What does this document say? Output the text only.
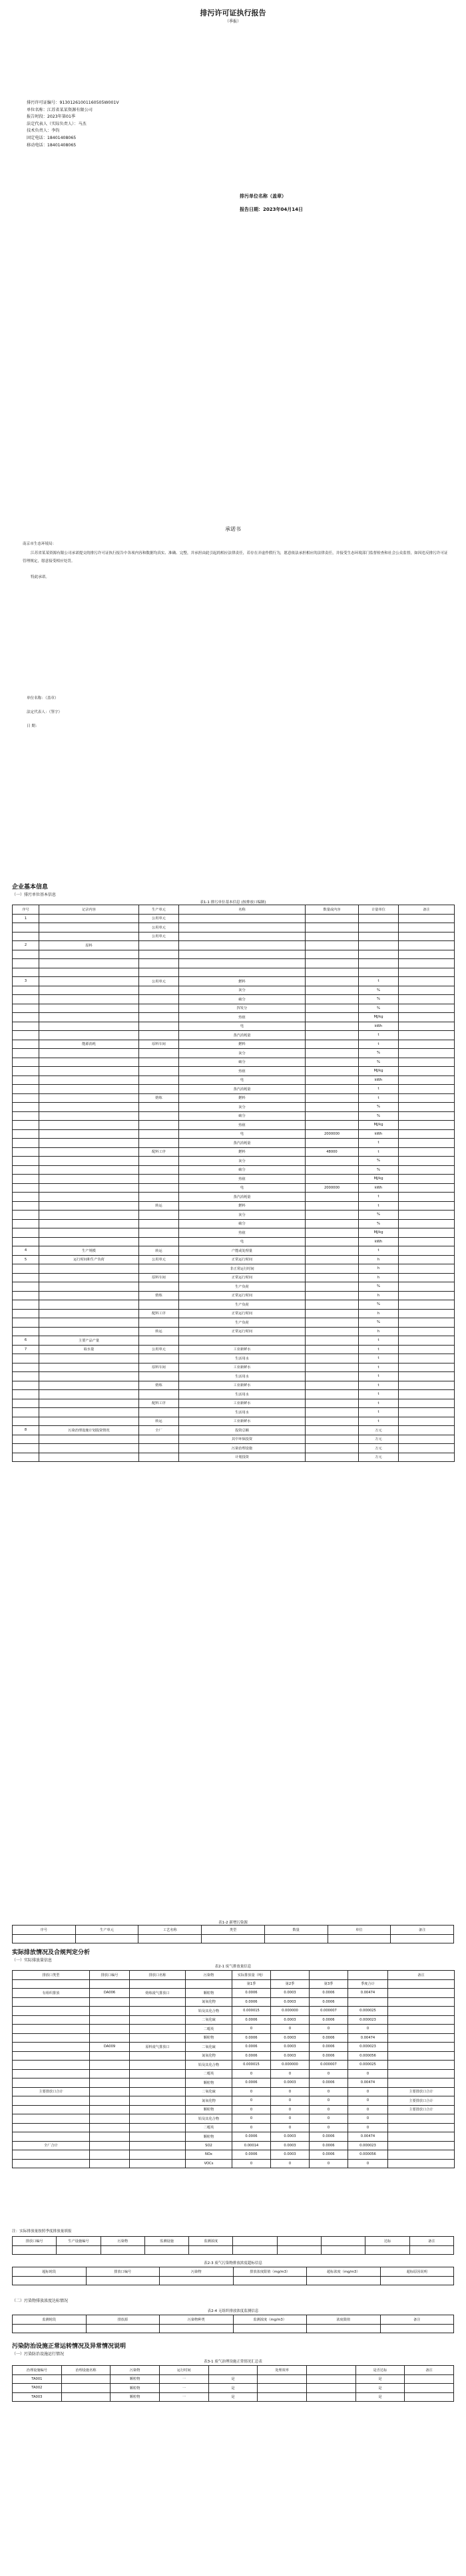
排污许可证执行报告
（季报）
排污许可证编号：91301261001160505W001V
单位名称：江苏省某某资源有限公司
报告时段：2023年第01季
法定代表人（实际负责人）：马杰
技术负责人：李钧
固定电话：18401408065
移动电话：18401408065
排污单位名称（盖章）
报告日期：2023年04月14日
承诺书
南京市生态环境局：
江苏省某某资源有限公司承诺提交的排污许可证执行报告中各项内容和数据均真实、准确、完整，并承担由此引起的相应法律责任，若存在弄虚作假行为，愿意依法承担相应的法律责任，并接受生态环境部门监督检查和社会公众监督，如因违反排污许可证管理规定，愿意接受相应处罚。
特此承诺。
单位名称：（盖章）
法定代表人：（签字）
日 期：
企业基本信息
（一）排污单位基本信息
表1-1 排污单位基本信息 (按排放口编制)
序号	记录内容	生产单元	名称	数量或内容	计量单位	备注
1		公用单元				
		公用单元				
		公用单元				
2	原料					

3		公用单元	燃料		t	
			灰分		%	
			硫分		%	
			挥发分		%	
			热值		MJ/kg	
			电		kWh	
			蒸汽消耗量		t	
	能源消耗	原料车间	燃料		t	
			灰分		%	
			硫分		%	
			热值		MJ/kg	
			电		kWh	
			蒸汽消耗量		t	
		熔炼	燃料		t	
			灰分		%	
			硫分		%	
			热值		MJ/kg	
			电	2000000	kWh	
			蒸汽消耗量		t	
		配料工序	燃料	48000	t	
			灰分		%	
			硫分		%	
			热值		MJ/kg	
			电	2000000	kWh	
			蒸汽消耗量		t	
		转运	燃料		t	
			灰分		%	
			硫分		%	
			热值		MJ/kg	
			电		kWh	
4	生产规模	转运	产能或处理量		t	
5	运行时间和生产负荷	公用单元	正常运行时间		h	
			非正常运行时间		h	
		原料车间	正常运行时间		h	
			生产负荷		%	
		熔炼	正常运行时间		h	
			生产负荷		%	
		配料工序	正常运行时间		h	
			生产负荷		%	
		转运	正常运行时间		h	
6	主要产品产量				t	
7	取水量	公用单元	工业新鲜水		t	
			生活用水		t	
		原料车间	工业新鲜水		t	
			生活用水		t	
		熔炼	工业新鲜水		t	
			生活用水		t	
		配料工序	工业新鲜水		t	
			生活用水		t	
		转运	工业新鲜水		t	
8	污染治理设施计划投资情况	全厂	投资总额		万元	
			其中环保投资		万元	
			污染治理设施		万元	
			计划投资		万元	
表1-2 新增污染源
序号	生产单元	工艺名称	类型	数量	单位	备注

实际排放情况及合规判定分析
（一）实际排放量信息
表2-1 废气排放量信息
排放口类型	排放口编号	排放口名称	污染物	实际排放量（吨）				备注
				第1季	第2季	第3季	季度合计	
有组织排放	DA006	熔炼废气排放口	颗粒物	0.0006	0.0003	0.0006	0.00474	
			氮氧化物	0.0006	0.0003	0.0006		
			铅及其化合物	0.000015	0.000000	0.000007	0.000025	
			二氧化硫	0.0006	0.0003	0.0006	0.000023	
			二噁英	0	0	0	0	
			颗粒物	0.0006	0.0003	0.0006	0.00474	
	DA009	原料废气排放口	二氧化硫	0.0006	0.0003	0.0006	0.000023	
			氮氧化物	0.0006	0.0003	0.0006	0.000056	
			铅及其化合物	0.000015	0.000000	0.000007	0.000025	
			二噁英	0	0	0	0	
			颗粒物	0.0006	0.0003	0.0006	0.00474	
主要排放口合计			二氧化硫	0	0	0	0	主要排放口合计
			氮氧化物	0	0	0	0	主要排放口合计
			颗粒物	0	0	0	0	主要排放口合计
			铅及其化合物	0	0	0	0	
			二噁英	0	0	0	0	
			颗粒物	0.0006	0.0003	0.0006	0.00474	
全厂合计			SO2	0.00014	0.0003	0.0006	0.000023	
			NOx	0.0006	0.0003	0.0006	0.000056	
			VOCs	0	0	0	0	
注：实际排放量按照季度排放量填报
排放口编号	生产设施编号	污染物	监测设施	监测浓度				达标	备注

表2-3 废气污染物排放浓度超标信息
超标时段	排放口编号	污染物	排放浓度限值（mg/m3）	超标浓度（mg/m3）	超标原因说明

（二）污染物排放浓度达标情况
表2-4 无组织排放浓度监测信息
监测时段	排放源	污染物种类	监测浓度（mg/m3）	浓度限值	备注

污染防治设施正常运转情况及异常情况说明
（一）污染防治设施运行情况
表3-1 废气治理设施正常情况汇总表
治理设施编号	治理设施名称	污染物	运行时间		处理效率		是否达标	备注
TA001		颗粒物	一	是			是	
TA002		颗粒物	一	是			是	
TA003		颗粒物	一	是			是	
